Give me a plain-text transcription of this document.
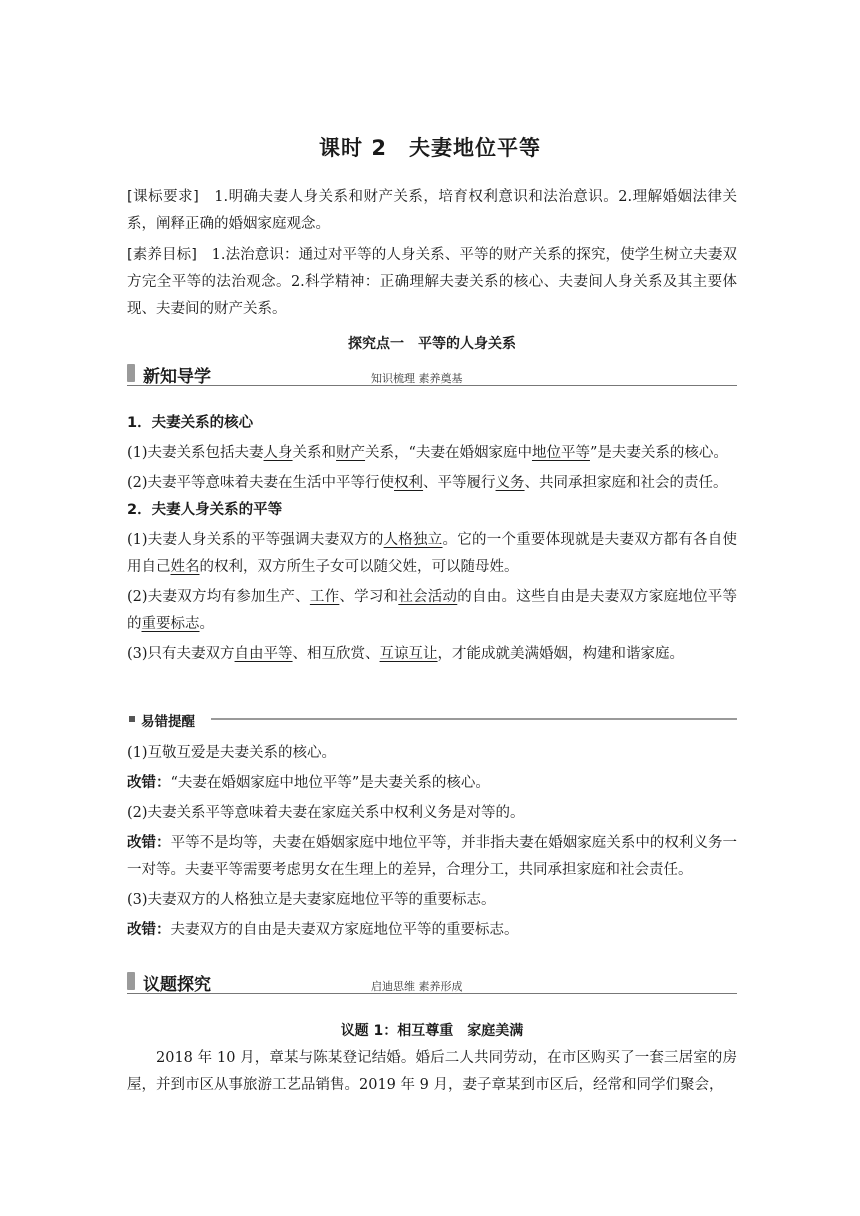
课时 2　夫妻地位平等

[课标要求]　1.明确夫妻人身关系和财产关系，培育权利意识和法治意识。2.理解婚姻法律关系，阐释正确的婚姻家庭观念。

[素养目标]　1.法治意识：通过对平等的人身关系、平等的财产关系的探究，使学生树立夫妻双方完全平等的法治观念。2.科学精神：正确理解夫妻关系的核心、夫妻间人身关系及其主要体现、夫妻间的财产关系。

探究点一　平等的人身关系
新知导学	知识梳理 素养奠基

1．夫妻关系的核心

(1)夫妻关系包括夫妻人身关系和财产关系，“夫妻在婚姻家庭中地位平等”是夫妻关系的核心。

(2)夫妻平等意味着夫妻在生活中平等行使权利、平等履行义务、共同承担家庭和社会的责任。

2．夫妻人身关系的平等

(1)夫妻人身关系的平等强调夫妻双方的人格独立。它的一个重要体现就是夫妻双方都有各自使用自己姓名的权利，双方所生子女可以随父姓，可以随母姓。

(2)夫妻双方均有参加生产、工作、学习和社会活动的自由。这些自由是夫妻双方家庭地位平等的重要标志。

(3)只有夫妻双方自由平等、相互欣赏、互谅互让，才能成就美满婚姻，构建和谐家庭。

易错提醒

(1)互敬互爱是夫妻关系的核心。

改错：“夫妻在婚姻家庭中地位平等”是夫妻关系的核心。

(2)夫妻关系平等意味着夫妻在家庭关系中权利义务是对等的。

改错：平等不是均等，夫妻在婚姻家庭中地位平等，并非指夫妻在婚姻家庭关系中的权利义务一一对等。夫妻平等需要考虑男女在生理上的差异，合理分工，共同承担家庭和社会责任。

(3)夫妻双方的人格独立是夫妻家庭地位平等的重要标志。

改错：夫妻双方的自由是夫妻双方家庭地位平等的重要标志。

议题探究	启迪思维 素养形成
议题 1：相互尊重　家庭美满

2018 年 10 月，章某与陈某登记结婚。婚后二人共同劳动，在市区购买了一套三居室的房屋，并到市区从事旅游工艺品销售。2019 年 9 月，妻子章某到市区后，经常和同学们聚会，
